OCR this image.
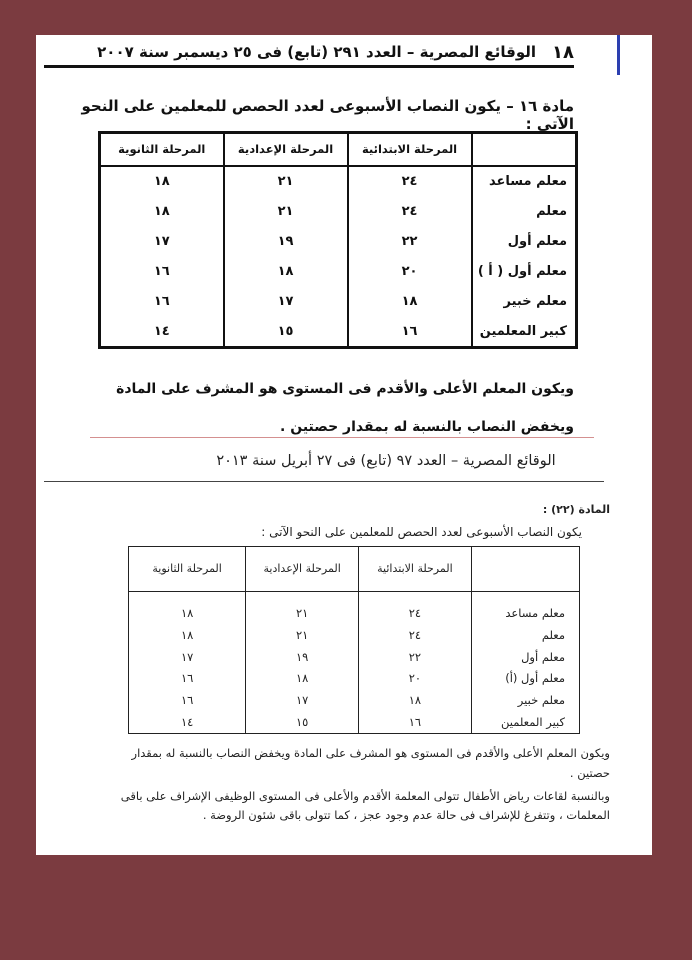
١٨
الوقائع المصرية – العدد ٢٩١ (تابع) فى ٢٥ ديسمبر سنة ٢٠٠٧
مادة ١٦ – يكون النصاب الأسبوعى لعدد الحصص للمعلمين على النحو الآتى :
	المرحلة الابتدائية	المرحلة الإعدادية	المرحلة الثانوية
معلم مساعد	٢٤	٢١	١٨
معلم	٢٤	٢١	١٨
معلم أول	٢٢	١٩	١٧
معلم أول ( أ )	٢٠	١٨	١٦
معلم خبير	١٨	١٧	١٦
كبير المعلمين	١٦	١٥	١٤
ويكون المعلم الأعلى والأقدم فى المستوى هو المشرف على المادة ويخفض النصاب بالنسبة له بمقدار حصتين .
الوقائع المصرية – العدد ٩٧ (تابع) فى ٢٧ أبريل سنة ٢٠١٣
المادة (٢٢) :
يكون النصاب الأسبوعى لعدد الحصص للمعلمين على النحو الآتى :
	المرحلة الابتدائية	المرحلة الإعدادية	المرحلة الثانوية
معلم مساعد	٢٤	٢١	١٨
معلم	٢٤	٢١	١٨
معلم أول	٢٢	١٩	١٧
معلم أول (أ)	٢٠	١٨	١٦
معلم خبير	١٨	١٧	١٦
كبير المعلمين	١٦	١٥	١٤
ويكون المعلم الأعلى والأقدم فى المستوى هو المشرف على المادة ويخفض النصاب بالنسبة له بمقدار حصتين .
وبالنسبة لقاعات رياض الأطفال تتولى المعلمة الأقدم والأعلى فى المستوى الوظيفى الإشراف على باقى المعلمات ، وتتفرغ للإشراف فى حالة عدم وجود عجز ، كما تتولى باقى شئون الروضة .
